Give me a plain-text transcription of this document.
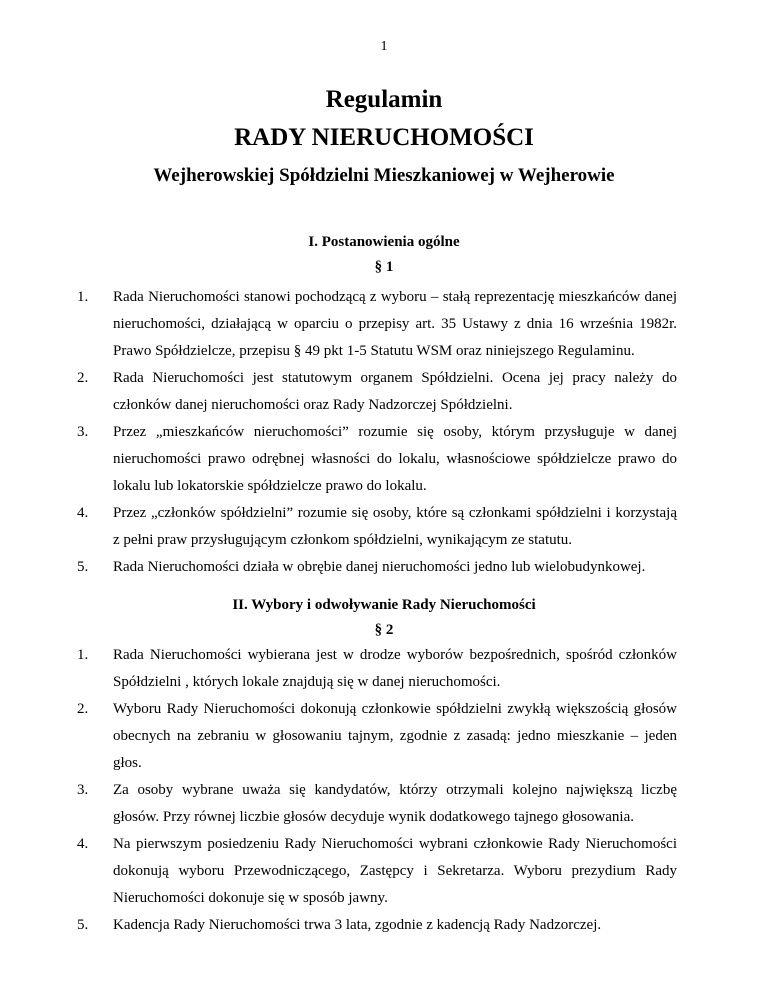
1
Regulamin
RADY NIERUCHOMOŚCI
Wejherowskiej Spółdzielni Mieszkaniowej w Wejherowie
I. Postanowienia ogólne
§ 1
1. Rada Nieruchomości stanowi pochodzącą z wyboru – stałą reprezentację mieszkańców danej nieruchomości, działającą w oparciu o przepisy art. 35 Ustawy z dnia 16 września 1982r. Prawo Spółdzielcze, przepisu § 49 pkt 1-5 Statutu WSM oraz niniejszego Regulaminu.
2. Rada Nieruchomości jest statutowym organem Spółdzielni. Ocena jej pracy należy do członków danej nieruchomości oraz Rady Nadzorczej Spółdzielni.
3. Przez „mieszkańców nieruchomości” rozumie się osoby, którym przysługuje w danej nieruchomości prawo odrębnej własności do lokalu, własnościowe spółdzielcze prawo do lokalu lub lokatorskie spółdzielcze prawo do lokalu.
4. Przez „członków spółdzielni” rozumie się osoby, które są członkami spółdzielni i korzystają z pełni praw przysługującym członkom spółdzielni, wynikającym ze statutu.
5. Rada Nieruchomości działa w obrębie danej nieruchomości jedno lub wielobudynkowej.
II. Wybory i odwoływanie Rady Nieruchomości
§ 2
1. Rada Nieruchomości wybierana jest w drodze wyborów bezpośrednich, spośród członków Spółdzielni , których lokale znajdują się w danej nieruchomości.
2. Wyboru Rady Nieruchomości dokonują członkowie spółdzielni zwykłą większością głosów obecnych na zebraniu w głosowaniu tajnym, zgodnie z zasadą: jedno mieszkanie – jeden głos.
3. Za osoby wybrane uważa się kandydatów, którzy otrzymali kolejno największą liczbę głosów. Przy równej liczbie głosów decyduje wynik dodatkowego tajnego głosowania.
4. Na pierwszym posiedzeniu Rady Nieruchomości wybrani członkowie Rady Nieruchomości dokonują wyboru Przewodniczącego, Zastępcy i Sekretarza. Wyboru prezydium Rady Nieruchomości dokonuje się w sposób jawny.
5. Kadencja Rady Nieruchomości trwa 3 lata, zgodnie z kadencją Rady Nadzorczej.
